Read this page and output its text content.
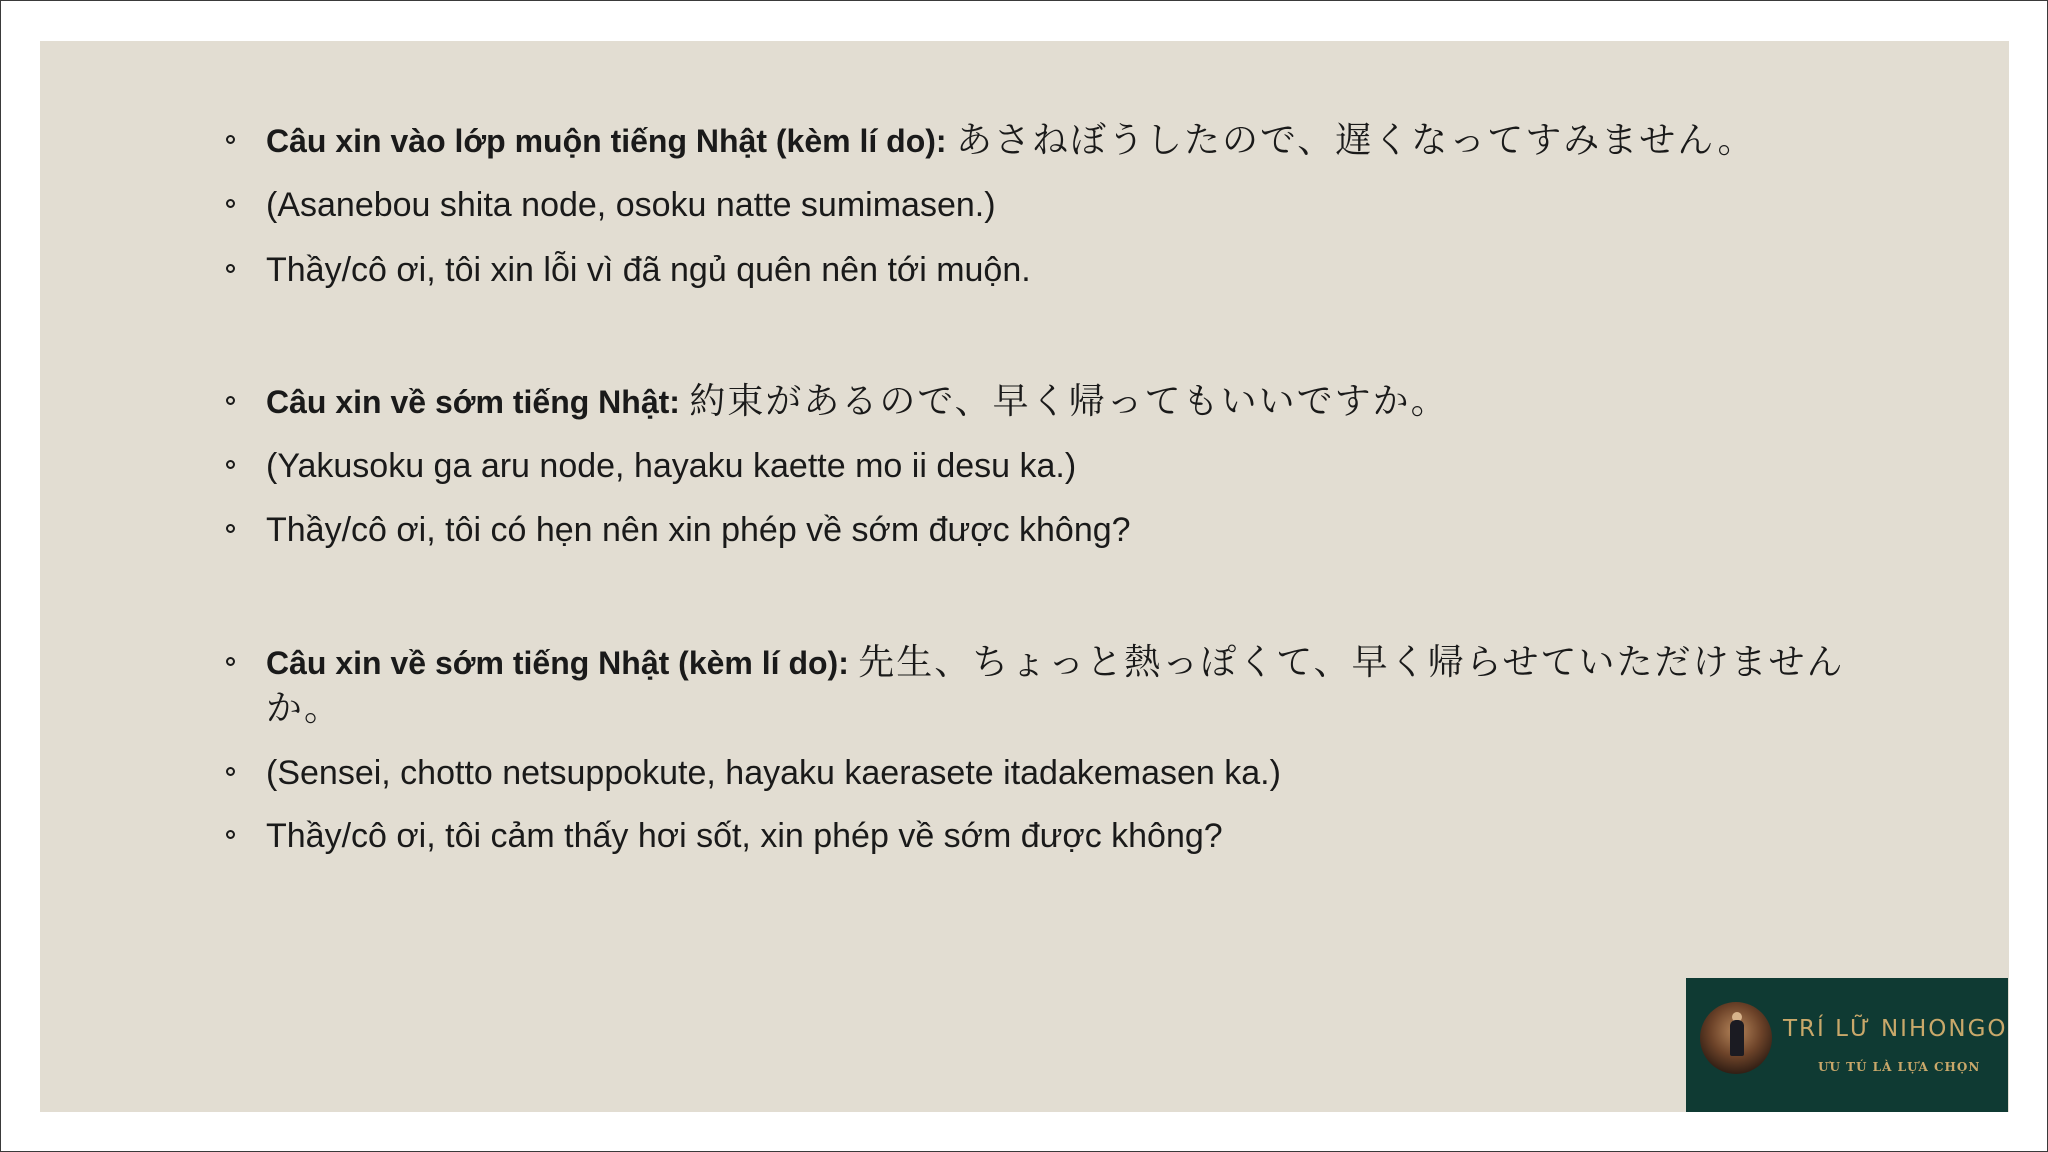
Câu xin vào lớp muộn tiếng Nhật (kèm lí do): あさねぼうしたので、遅くなってすみません。
(Asanebou shita node, osoku natte sumimasen.)
Thầy/cô ơi, tôi xin lỗi vì đã ngủ quên nên tới muộn.
Câu xin về sớm tiếng Nhật: 約束があるので、早く帰ってもいいですか。
(Yakusoku ga aru node, hayaku kaette mo ii desu ka.)
Thầy/cô ơi, tôi có hẹn nên xin phép về sớm được không?
Câu xin về sớm tiếng Nhật (kèm lí do): 先生、ちょっと熱っぽくて、早く帰らせていただけませんか。
(Sensei, chotto netsuppokute, hayaku kaerasete itadakemasen ka.)
Thầy/cô ơi, tôi cảm thấy hơi sốt, xin phép về sớm được không?
TRÍ LỮ NIHONGO
ƯU TÚ LÀ LỰA CHỌN
